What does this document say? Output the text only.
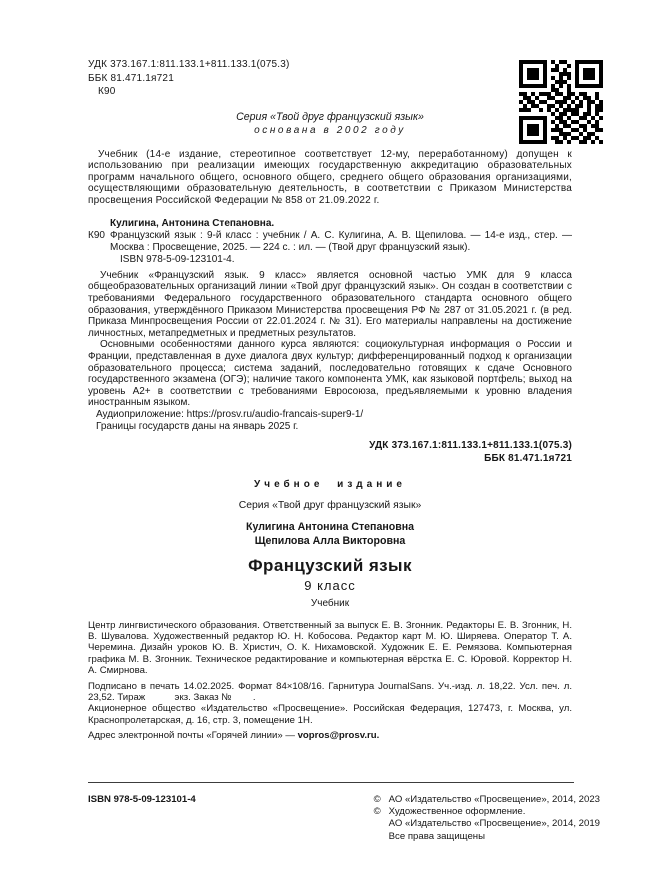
УДК 373.167.1:811.133.1+811.133.1(075.3)
ББК 81.471.1я721
К90
Серия «Твой друг французский язык»
основана в 2002 году

Учебник (14-е издание, стереотипное соответствует 12-му, переработанному) допущен к использованию при реализации имеющих государственную аккредитацию образовательных программ начального общего, основного общего, среднего общего образования организациями, осуществляющими образовательную деятельность, в соответствии с Приказом Министерства просвещения Российской Федерации № 858 от 21.09.2022 г.

Кулигина, Антонина Степановна.

К90 Французский язык : 9-й класс : учебник / А. С. Кулигина, А. В. Щепилова. — 14-е изд., стер. — Москва : Просвещение, 2025. — 224 с. : ил. — (Твой друг французский язык).

ISBN 978-5-09-123101-4.

Учебник «Французский язык. 9 класс» является основной частью УМК для 9 класса общеобразовательных организаций линии «Твой друг французский язык». Он создан в соответствии с требованиями Федерального государственного образовательного стандарта основного общего образования, утверждённого Приказом Министерства просвещения РФ № 287 от 31.05.2021 г. (в ред. Приказа Минпросвещения России от 22.01.2024 г. № 31). Его материалы направлены на достижение личностных, метапредметных и предметных результатов.

Основными особенностями данного курса являются: социокультурная информация о России и Франции, представленная в духе диалога двух культур; дифференцированный подход к организации образовательного процесса; система заданий, последовательно готовящих к сдаче Основного государственного экзамена (ОГЭ); наличие такого компонента УМК, как языковой портфель; выход на уровень А2+ в соответствии с требованиями Евросоюза, предъявляемыми к уровню владения иностранным языком.

Аудиоприложение: https://prosv.ru/audio-francais-super9-1/

Границы государств даны на январь 2025 г.

УДК 373.167.1:811.133.1+811.133.1(075.3)
ББК 81.471.1я721
Учебное издание
Серия «Твой друг французский язык»
Кулигина Антонина Степановна
Щепилова Алла Викторовна
Французский язык
9 класс
Учебник

Центр лингвистического образования. Ответственный за выпуск Е. В. Згонник. Редакторы Е. В. Згонник, Н. В. Шувалова. Художественный редактор Ю. Н. Кобосова. Редактор карт М. Ю. Ширяева. Оператор Т. А. Черемина. Дизайн уроков Ю. В. Христич, О. К. Нихамовской. Художник Е. Е. Ремязова. Компьютерная графика М. В. Згонник. Техническое редактирование и компьютерная вёрстка Е. С. Юровой. Корректор Н. А. Смирнова.

Подписано в печать 14.02.2025. Формат 84×108/16. Гарнитура JournalSans. Уч.-изд. л. 18,22. Усл. печ. л. 23,52. Тираж           экз. Заказ №        .

Акционерное общество «Издательство «Просвещение». Российская Федерация, 127473, г. Москва, ул. Краснопролетарская, д. 16, стр. 3, помещение 1Н.

Адрес электронной почты «Горячей линии» — vopros@prosv.ru.

ISBN 978-5-09-123101-4	© АО «Издательство «Просвещение», 2014, 2023
© Художественное оформление.
АО «Издательство «Просвещение», 2014, 2019
Все права защищены
